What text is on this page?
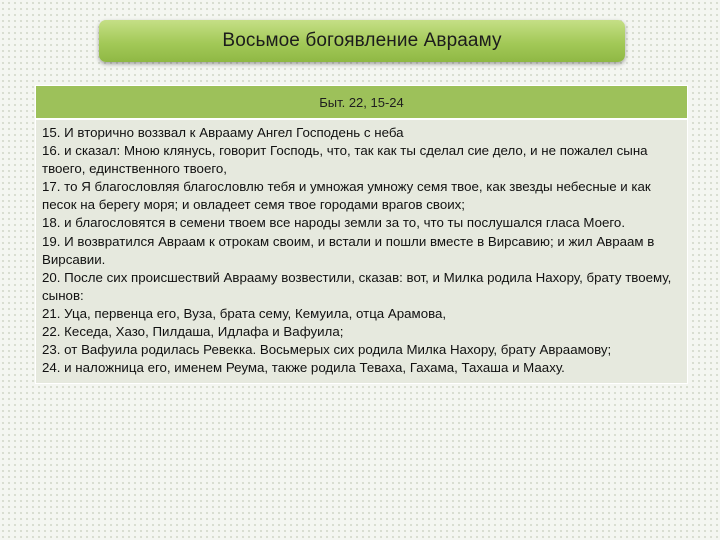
Восьмое богоявление Аврааму
Быт. 22, 15-24

15. И вторично воззвал к Аврааму Ангел Господень с неба

16. и сказал: Мною клянусь, говорит Господь, что, так как ты сделал сие дело, и не пожалел сына твоего, единственного твоего,

17. то Я благословляя благословлю тебя и умножая умножу семя твое, как звезды небесные и как песок на берегу моря; и овладеет семя твое городами врагов своих;

18. и благословятся в семени твоем все народы земли за то, что ты послушался гласа Моего.

19. И возвратился Авраам к отрокам своим, и встали и пошли вместе в Вирсавию; и жил Авраам в Вирсавии.

20. После сих происшествий Аврааму возвестили, сказав: вот, и Милка родила Нахору, брату твоему, сынов:

21. Уца, первенца его, Вуза, брата сему, Кемуила, отца Арамова,

22. Кеседа, Хазо, Пилдаша, Идлафа и Вафуила;

23. от Вафуила родилась Ревекка. Восьмерых сих родила Милка Нахору, брату Авраамову;

24. и наложница его, именем Реума, также родила Теваха, Гахама, Тахаша и Мааху.
